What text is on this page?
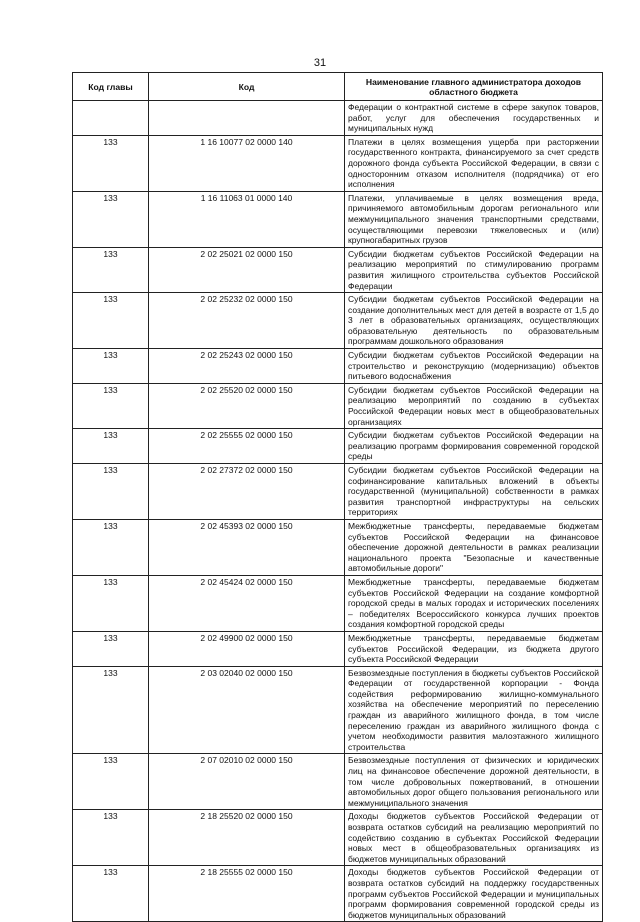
31
Код главы	Код	Наименование главного администратора доходов областного бюджета
		Федерации о контрактной системе в сфере закупок товаров, работ, услуг для обеспечения государственных и муниципальных нужд
133	1 16 10077 02 0000 140	Платежи в целях возмещения ущерба при расторжении государственного контракта, финансируемого за счет средств дорожного фонда субъекта Российской Федерации, в связи с односторонним отказом исполнителя (подрядчика) от его исполнения
133	1 16 11063 01 0000 140	Платежи, уплачиваемые в целях возмещения вреда, причиняемого автомобильным дорогам регионального или межмуниципального значения транспортными средствами, осуществляющими перевозки тяжеловесных и (или) крупногабаритных грузов
133	2 02 25021 02 0000 150	Субсидии бюджетам субъектов Российской Федерации на реализацию мероприятий по стимулированию программ развития жилищного строительства субъектов Российской Федерации
133	2 02 25232 02 0000 150	Субсидии бюджетам субъектов Российской Федерации на создание дополнительных мест для детей в возрасте от 1,5 до 3 лет в образовательных организациях, осуществляющих образовательную деятельность по образовательным программам дошкольного образования
133	2 02 25243 02 0000 150	Субсидии бюджетам субъектов Российской Федерации на строительство и реконструкцию (модернизацию) объектов питьевого водоснабжения
133	2 02 25520 02 0000 150	Субсидии бюджетам субъектов Российской Федерации на реализацию мероприятий по созданию в субъектах Российской Федерации новых мест в общеобразовательных организациях
133	2 02 25555 02 0000 150	Субсидии бюджетам субъектов Российской Федерации на реализацию программ формирования современной городской среды
133	2 02 27372 02 0000 150	Субсидии бюджетам субъектов Российской Федерации на софинансирование капитальных вложений в объекты государственной (муниципальной) собственности в рамках развития транспортной инфраструктуры на сельских территориях
133	2 02 45393 02 0000 150	Межбюджетные трансферты, передаваемые бюджетам субъектов Российской Федерации на финансовое обеспечение дорожной деятельности в рамках реализации национального проекта "Безопасные и качественные автомобильные дороги"
133	2 02 45424 02 0000 150	Межбюджетные трансферты, передаваемые бюджетам субъектов Российской Федерации на создание комфортной городской среды в малых городах и исторических поселениях – победителях Всероссийского конкурса лучших проектов создания комфортной городской среды
133	2 02 49900 02 0000 150	Межбюджетные трансферты, передаваемые бюджетам субъектов Российской Федерации, из бюджета другого субъекта Российской Федерации
133	2 03 02040 02 0000 150	Безвозмездные поступления в бюджеты субъектов Российской Федерации от государственной корпорации - Фонда содействия реформированию жилищно-коммунального хозяйства на обеспечение мероприятий по переселению граждан из аварийного жилищного фонда, в том числе переселению граждан из аварийного жилищного фонда с учетом необходимости развития малоэтажного жилищного строительства
133	2 07 02010 02 0000 150	Безвозмездные поступления от физических и юридических лиц на финансовое обеспечение дорожной деятельности, в том числе добровольных пожертвований, в отношении автомобильных дорог общего пользования регионального или межмуниципального значения
133	2 18 25520 02 0000 150	Доходы бюджетов субъектов Российской Федерации от возврата остатков субсидий на реализацию мероприятий по содействию созданию в субъектах Российской Федерации новых мест в общеобразовательных организациях из бюджетов муниципальных образований
133	2 18 25555 02 0000 150	Доходы бюджетов субъектов Российской Федерации от возврата остатков субсидий на поддержку государственных программ субъектов Российской Федерации и муниципальных программ формирования современной городской среды из бюджетов муниципальных образований
